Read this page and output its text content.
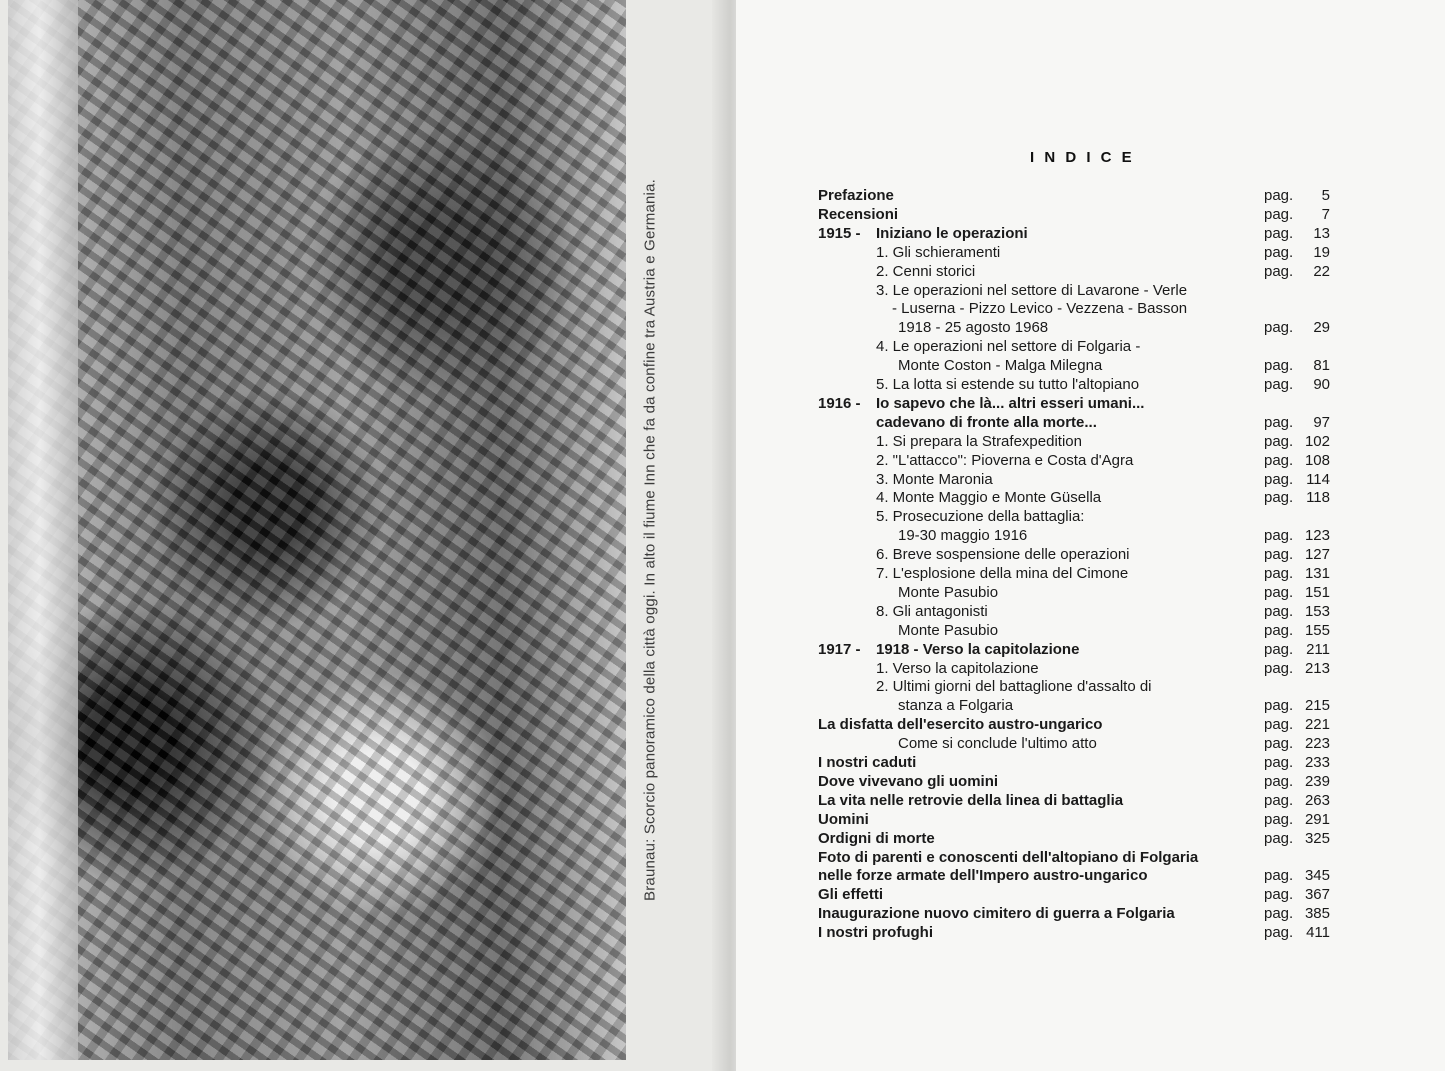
Braunau: Scorcio panoramico della città oggi. In alto il fiume Inn che fa da confine tra Austria e Germania.
I N D I C E
Prefazione	pag.	5
Recensioni	pag.	7
1915 - Iniziano le operazioni	pag.	13
1. Gli schieramenti	pag.	19
2. Cenni storici	pag.	22
3. Le operazioni nel settore di Lavarone - Verle
- Luserna - Pizzo Levico - Vezzena - Basson
1918 - 25 agosto 1968	pag.	29
4. Le operazioni nel settore di Folgaria -
Monte Coston - Malga Milegna	pag.	81
5. La lotta si estende su tutto l'altopiano	pag.	90
1916 - Io sapevo che là... altri esseri umani...
cadevano di fronte alla morte...	pag.	97
1. Si prepara la Strafexpedition	pag. 102
2. "L'attacco": Pioverna e Costa d'Agra	pag. 108
3. Monte Maronia	pag. 114
4. Monte Maggio e Monte Güsella	pag. 118
5. Prosecuzione della battaglia:
19-30 maggio 1916	pag. 123
6. Breve sospensione delle operazioni	pag. 127
7. L'esplosione della mina del Cimone	pag. 131
Monte Pasubio	pag. 151
8. Gli antagonisti	pag. 153
Monte Pasubio	pag. 155
1917 - 1918 - Verso la capitolazione	pag. 211
1. Verso la capitolazione	pag. 213
2. Ultimi giorni del battaglione d'assalto di
stanza a Folgaria	pag. 215
La disfatta dell'esercito austro-ungarico	pag. 221
Come si conclude l'ultimo atto	pag. 223
I nostri caduti	pag. 233
Dove vivevano gli uomini	pag. 239
La vita nelle retrovie della linea di battaglia	pag. 263
Uomini	pag. 291
Ordigni di morte	pag. 325
Foto di parenti e conoscenti dell'altopiano di Folgaria
nelle forze armate dell'Impero austro-ungarico	pag. 345
Gli effetti	pag. 367
Inaugurazione nuovo cimitero di guerra a Folgaria	pag. 385
I nostri profughi	pag. 411
